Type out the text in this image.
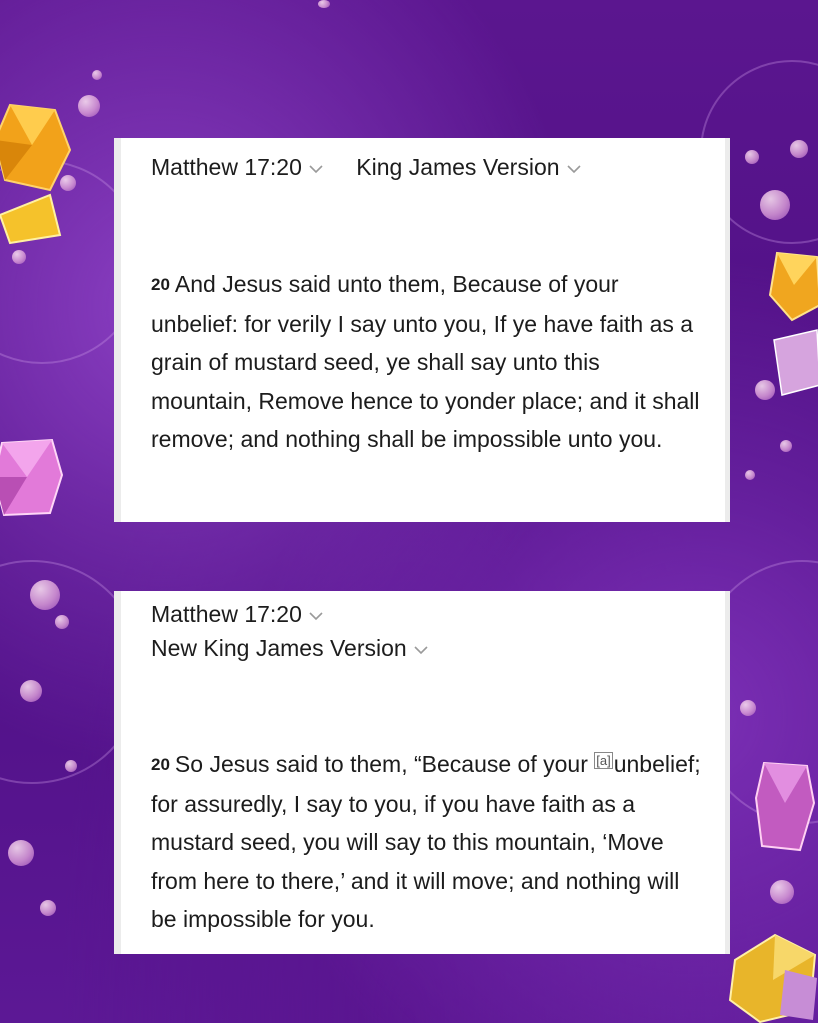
Matthew 17:20 King James Version
20 And Jesus said unto them, Because of your unbelief: for verily I say unto you, If ye have faith as a grain of mustard seed, ye shall say unto this mountain, Remove hence to yonder place; and it shall remove; and nothing shall be impossible unto you.
Matthew 17:20
New King James Version
20 So Jesus said to them, “Because of your [a] unbelief; for assuredly, I say to you, if you have faith as a mustard seed, you will say to this mountain, ‘Move from here to there,’ and it will move; and nothing will be impossible for you.
